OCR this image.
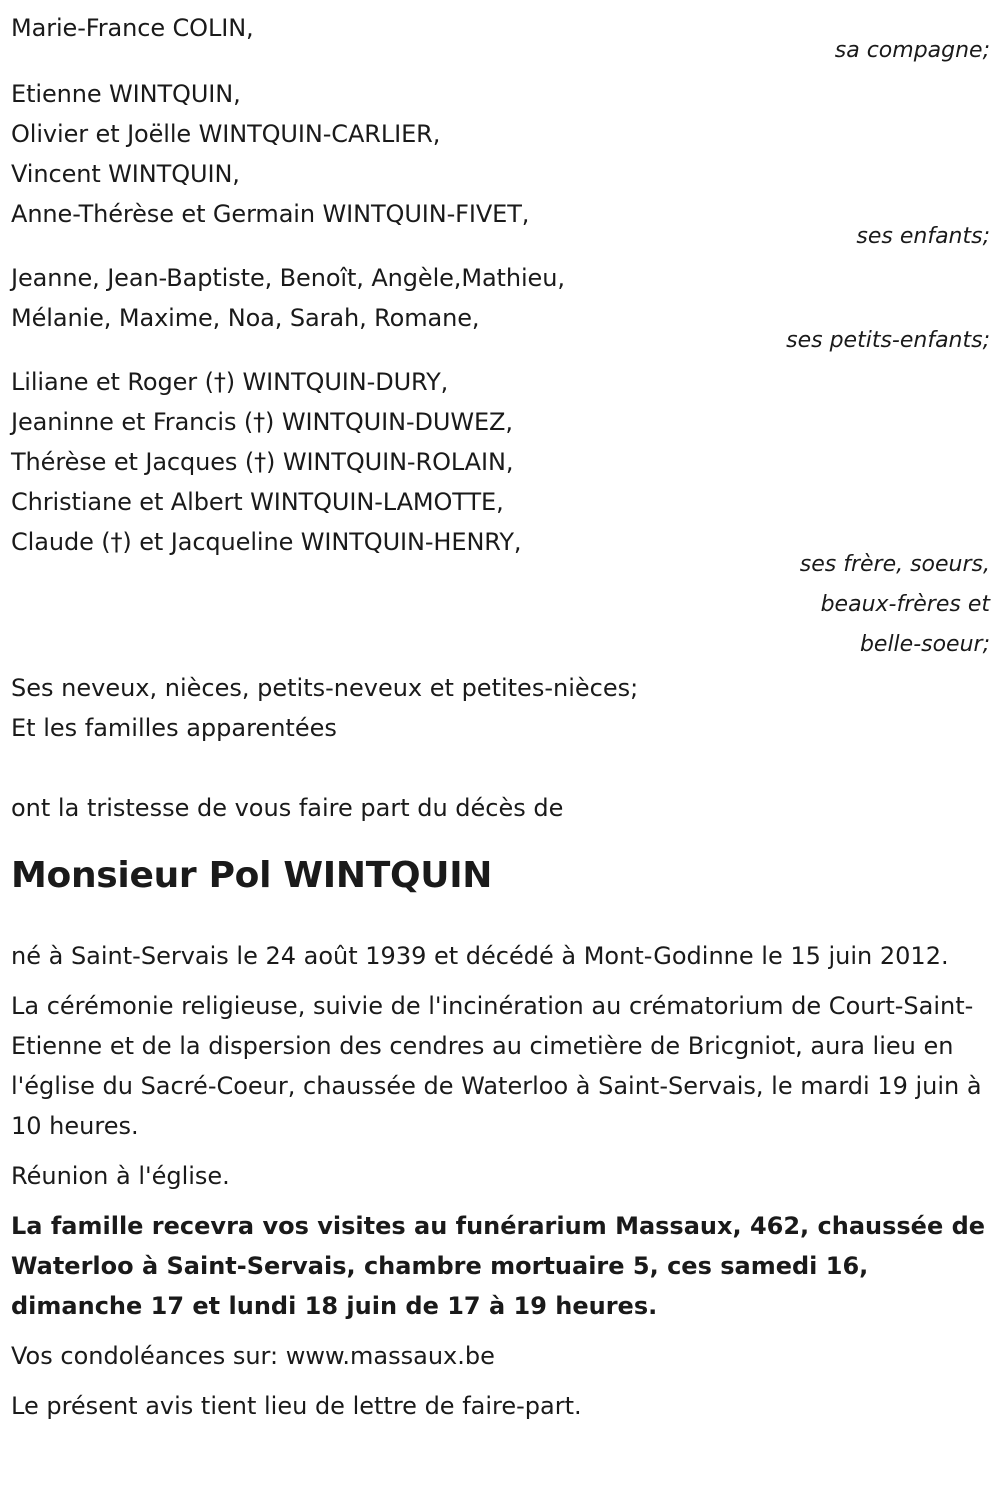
Marie-France COLIN,
sa compagne;
Etienne WINTQUIN,
Olivier et Joëlle WINTQUIN-CARLIER,
Vincent WINTQUIN,
Anne-Thérèse et Germain WINTQUIN-FIVET,
ses enfants;
Jeanne, Jean-Baptiste, Benoît, Angèle,Mathieu,
Mélanie, Maxime, Noa, Sarah, Romane,
ses petits-enfants;
Liliane et Roger (†) WINTQUIN-DURY,
Jeaninne et Francis (†) WINTQUIN-DUWEZ,
Thérèse et Jacques (†) WINTQUIN-ROLAIN,
Christiane et Albert WINTQUIN-LAMOTTE,
Claude (†) et Jacqueline WINTQUIN-HENRY,
ses frère, soeurs,
beaux-frères et
belle-soeur;
Ses neveux, nièces, petits-neveux et petites-nièces;
Et les familles apparentées
ont la tristesse de vous faire part du décès de
Monsieur Pol WINTQUIN

né à Saint-Servais le 24 août 1939 et décédé à Mont-Godinne le 15 juin 2012.

La cérémonie religieuse, suivie de l'incinération au crématorium de Court-Saint-Etienne et de la dispersion des cendres au cimetière de Bricgniot, aura lieu en l'église du Sacré-Coeur, chaussée de Waterloo à Saint-Servais, le mardi 19 juin à 10 heures.

Réunion à l'église.

La famille recevra vos visites au funérarium Massaux, 462, chaussée de Waterloo à Saint-Servais, chambre mortuaire 5, ces samedi 16, dimanche 17 et lundi 18 juin de 17 à 19 heures.

Vos condoléances sur: www.massaux.be

Le présent avis tient lieu de lettre de faire-part.
